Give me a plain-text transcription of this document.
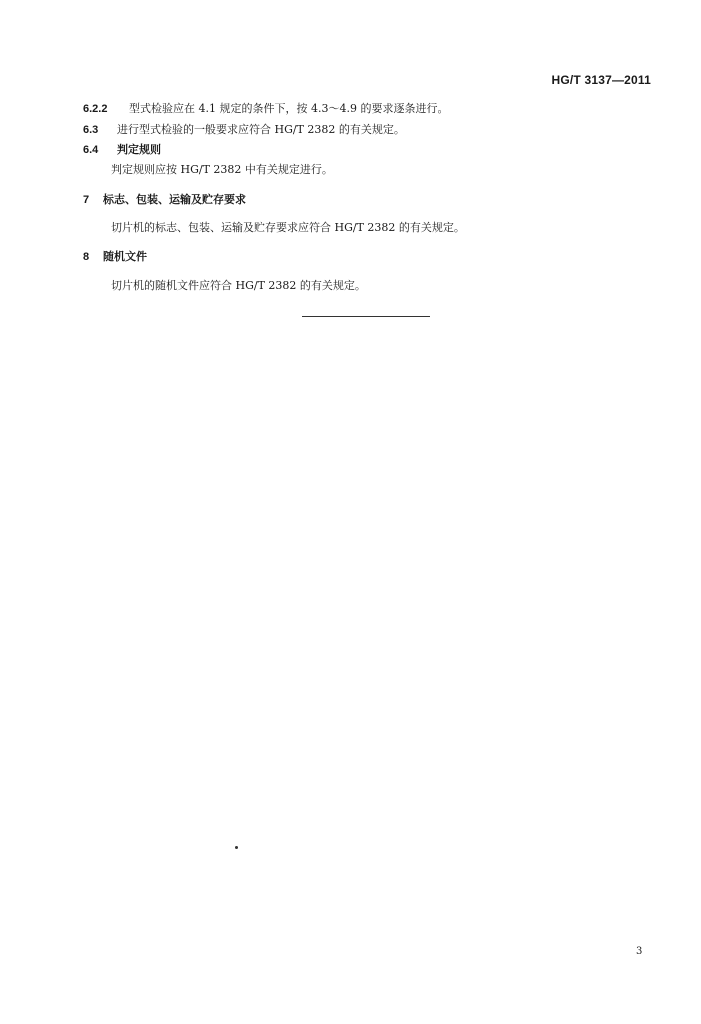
HG/T 3137—2011
6.2.2 型式检验应在 4.1 规定的条件下，按 4.3～4.9 的要求逐条进行。
6.3 进行型式检验的一般要求应符合 HG/T 2382 的有关规定。
6.4 判定规则
判定规则应按 HG/T 2382 中有关规定进行。
7 标志、包装、运输及贮存要求
切片机的标志、包装、运输及贮存要求应符合 HG/T 2382 的有关规定。
8 随机文件
切片机的随机文件应符合 HG/T 2382 的有关规定。
3
